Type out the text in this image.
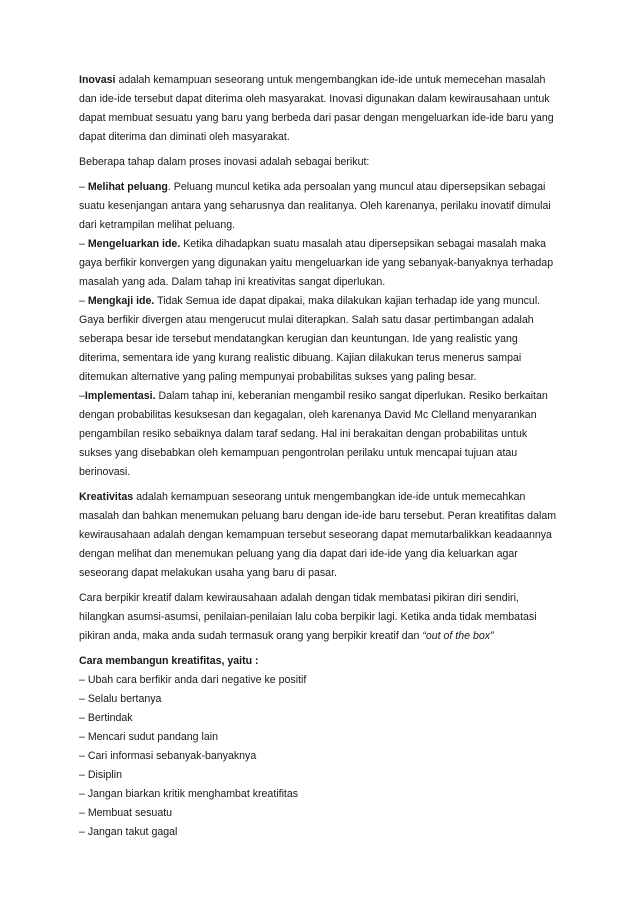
Inovasi adalah kemampuan seseorang untuk mengembangkan ide-ide untuk memecehan masalah
dan ide-ide tersebut dapat diterima oleh masyarakat. Inovasi digunakan dalam kewirausahaan untuk
dapat membuat sesuatu yang baru yang berbeda dari pasar dengan mengeluarkan ide-ide baru yang
dapat diterima dan diminati oleh masyarakat.
Beberapa tahap dalam proses inovasi adalah sebagai berikut:
– Melihat peluang. Peluang muncul ketika ada persoalan yang muncul atau dipersepsikan sebagai
suatu kesenjangan antara yang seharusnya dan realitanya. Oleh karenanya, perilaku inovatif dimulai
dari ketrampilan melihat peluang.
– Mengeluarkan ide. Ketika dihadapkan suatu masalah atau dipersepsikan sebagai masalah maka
gaya berfikir konvergen yang digunakan yaitu mengeluarkan ide yang sebanyak-banyaknya terhadap
masalah yang ada. Dalam tahap ini kreativitas sangat diperlukan.
– Mengkaji ide. Tidak Semua ide dapat dipakai, maka dilakukan kajian terhadap ide yang muncul.
Gaya berfikir divergen atau mengerucut mulai diterapkan. Salah satu dasar pertimbangan adalah
seberapa besar ide tersebut mendatangkan kerugian dan keuntungan. Ide yang realistic yang
diterima, sementara ide yang kurang realistic dibuang. Kajian dilakukan terus menerus sampai
ditemukan alternative yang paling mempunyai probabilitas sukses yang paling besar.
–Implementasi. Dalam tahap ini, keberanian mengambil resiko sangat diperlukan. Resiko berkaitan
dengan probabilitas kesuksesan dan kegagalan, oleh karenanya David Mc Clelland menyarankan
pengambilan resiko sebaiknya dalam taraf sedang. Hal ini berakaitan dengan probabilitas untuk
sukses yang disebabkan oleh kemampuan pengontrolan perilaku untuk mencapai tujuan atau
berinovasi.
Kreativitas adalah kemampuan seseorang untuk mengembangkan ide-ide untuk memecahkan
masalah dan bahkan menemukan peluang baru dengan ide-ide baru tersebut. Peran kreatifitas dalam
kewirausahaan adalah dengan kemampuan tersebut seseorang dapat memutarbalikkan keadaannya
dengan melihat dan menemukan peluang yang dia dapat dari ide-ide yang dia keluarkan agar
seseorang dapat melakukan usaha yang baru di pasar.
Cara berpikir kreatif dalam kewirausahaan adalah dengan tidak membatasi pikiran diri sendiri,
hilangkan asumsi-asumsi, penilaian-penilaian lalu coba berpikir lagi. Ketika anda tidak membatasi
pikiran anda, maka anda sudah termasuk orang yang berpikir kreatif dan “out of the box”
Cara membangun kreatifitas, yaitu :
– Ubah cara berfikir anda dari negative ke positif
– Selalu bertanya
– Bertindak
– Mencari sudut pandang lain
– Cari informasi sebanyak-banyaknya
– Disiplin
– Jangan biarkan kritik menghambat kreatifitas
– Membuat sesuatu
– Jangan takut gagal
